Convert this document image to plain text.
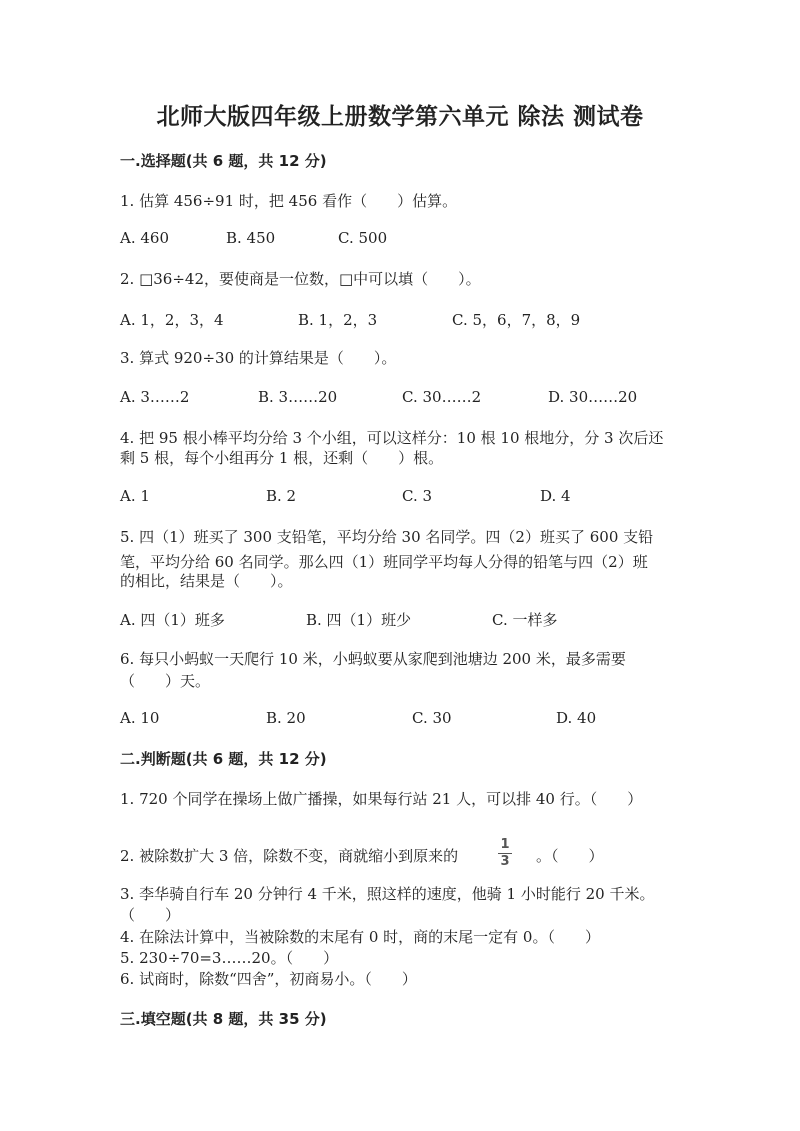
北师大版四年级上册数学第六单元 除法 测试卷
一.选择题(共 6 题，共 12 分)
1. 估算 456÷91 时，把 456 看作（　　）估算。
A. 460	B. 450	C. 500
2. □36÷42，要使商是一位数，□中可以填（　　）。
A. 1，2，3，4	B. 1，2，3	C. 5，6，7，8，9
3. 算式 920÷30 的计算结果是（　　）。
A. 3……2	B. 3……20	C. 30……2	D. 30……20
4. 把 95 根小棒平均分给 3 个小组，可以这样分：10 根 10 根地分，分 3 次后还
剩 5 根，每个小组再分 1 根，还剩（　　）根。
A. 1	B. 2	C. 3	D. 4
5. 四（1）班买了 300 支铅笔，平均分给 30 名同学。四（2）班买了 600 支铅
笔，平均分给 60 名同学。那么四（1）班同学平均每人分得的铅笔与四（2）班
的相比，结果是（　　）。
A. 四（1）班多	B. 四（1）班少	C. 一样多
6. 每只小蚂蚁一天爬行 10 米，小蚂蚁要从家爬到池塘边 200 米，最多需要
（　　）天。
A. 10	B. 20	C. 30	D. 40
二.判断题(共 6 题，共 12 分)
1. 720 个同学在操场上做广播操，如果每行站 21 人，可以排 40 行。（　　）
2. 被除数扩大 3 倍，除数不变，商就缩小到原来的
1
3 。（　　）
3. 李华骑自行车 20 分钟行 4 千米，照这样的速度，他骑 1 小时能行 20 千米。
（　　）
4. 在除法计算中，当被除数的末尾有 0 时，商的末尾一定有 0。（　　）
5. 230÷70=3……20。（　　）
6. 试商时，除数“四舍”，初商易小。（　　）
三.填空题(共 8 题，共 35 分)
